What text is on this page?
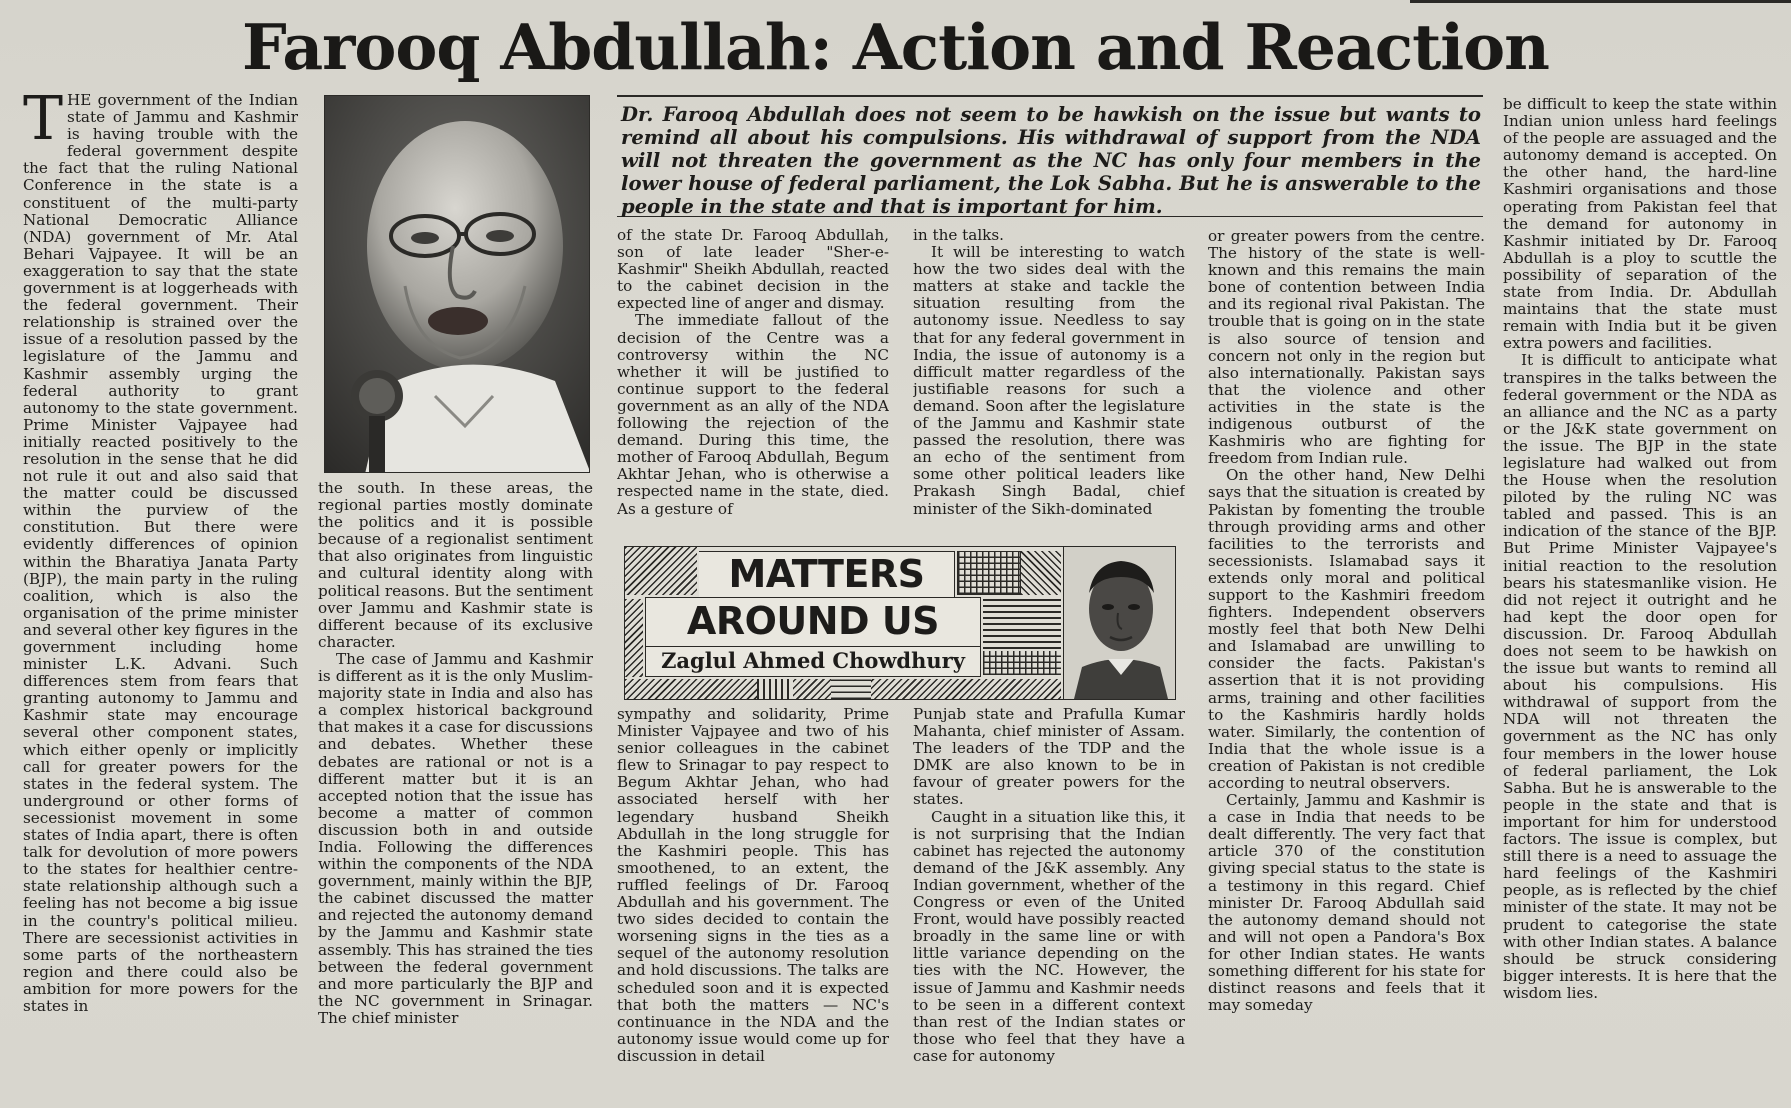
Farooq Abdullah: Action and Reaction

THE government of the Indian state of Jammu and Kashmir is having trouble with the federal government despite the fact that the ruling National Conference in the state is a constituent of the multi-party National Democratic Alliance (NDA) government of Mr. Atal Behari Vajpayee. It will be an exaggeration to say that the state government is at loggerheads with the federal government. Their relationship is strained over the issue of a resolution passed by the legislature of the Jammu and Kashmir assembly urging the federal authority to grant autonomy to the state government. Prime Minister Vajpayee had initially reacted positively to the resolution in the sense that he did not rule it out and also said that the matter could be discussed within the purview of the constitution. But there were evidently differences of opinion within the Bharatiya Janata Party (BJP), the main party in the ruling coalition, which is also the organisation of the prime minister and several other key figures in the government including home minister L.K. Advani. Such differences stem from fears that granting autonomy to Jammu and Kashmir state may encourage several other component states, which either openly or implicitly call for greater powers for the states in the federal system. The underground or other forms of secessionist movement in some states of India apart, there is often talk for devolution of more powers to the states for healthier centre-state relationship although such a feeling has not become a big issue in the country's political milieu. There are secessionist activities in some parts of the northeastern region and there could also be ambition for more powers for the states in

the south. In these areas, the regional parties mostly dominate the politics and it is possible because of a regionalist sentiment that also originates from linguistic and cultural identity along with political reasons. But the sentiment over Jammu and Kashmir state is different because of its exclusive character.

The case of Jammu and Kashmir is different as it is the only Muslim-majority state in India and also has a complex historical background that makes it a case for discussions and debates. Whether these debates are rational or not is a different matter but it is an accepted notion that the issue has become a matter of common discussion both in and outside India. Following the differences within the components of the NDA government, mainly within the BJP, the cabinet discussed the matter and rejected the autonomy demand by the Jammu and Kashmir state assembly. This has strained the ties between the federal government and more particularly the BJP and the NC government in Srinagar. The chief minister

Dr. Farooq Abdullah does not seem to be hawkish on the issue but wants to remind all about his compulsions. His withdrawal of support from the NDA will not threaten the government as the NC has only four members in the lower house of federal parliament, the Lok Sabha. But he is answerable to the people in the state and that is important for him.

of the state Dr. Farooq Abdullah, son of late leader "Sher-e-Kashmir" Sheikh Abdullah, reacted to the cabinet decision in the expected line of anger and dismay.

The immediate fallout of the decision of the Centre was a controversy within the NC whether it will be justified to continue support to the federal government as an ally of the NDA following the rejection of the demand. During this time, the mother of Farooq Abdullah, Begum Akhtar Jehan, who is otherwise a respected name in the state, died. As a gesture of

sympathy and solidarity, Prime Minister Vajpayee and two of his senior colleagues in the cabinet flew to Srinagar to pay respect to Begum Akhtar Jehan, who had associated herself with her legendary husband Sheikh Abdullah in the long struggle for the Kashmiri people. This has smoothened, to an extent, the ruffled feelings of Dr. Farooq Abdullah and his government. The two sides decided to contain the worsening signs in the ties as a sequel of the autonomy resolution and hold discussions. The talks are scheduled soon and it is expected that both the matters — NC's continuance in the NDA and the autonomy issue would come up for discussion in detail

in the talks.

It will be interesting to watch how the two sides deal with the matters at stake and tackle the situation resulting from the autonomy issue. Needless to say that for any federal government in India, the issue of autonomy is a difficult matter regardless of the justifiable reasons for such a demand. Soon after the legislature of the Jammu and Kashmir state passed the resolution, there was an echo of the sentiment from some other political leaders like Prakash Singh Badal, chief minister of the Sikh-dominated

Punjab state and Prafulla Kumar Mahanta, chief minister of Assam. The leaders of the TDP and the DMK are also known to be in favour of greater powers for the states.

Caught in a situation like this, it is not surprising that the Indian cabinet has rejected the autonomy demand of the J&K assembly. Any Indian government, whether of the Congress or even of the United Front, would have possibly reacted broadly in the same line or with little variance depending on the ties with the NC. However, the issue of Jammu and Kashmir needs to be seen in a different context than rest of the Indian states or those who feel that they have a case for autonomy

MATTERS
AROUND US
Zaglul Ahmed Chowdhury

or greater powers from the centre. The history of the state is well-known and this remains the main bone of contention between India and its regional rival Pakistan. The trouble that is going on in the state is also source of tension and concern not only in the region but also internationally. Pakistan says that the violence and other activities in the state is the indigenous outburst of the Kashmiris who are fighting for freedom from Indian rule.

On the other hand, New Delhi says that the situation is created by Pakistan by fomenting the trouble through providing arms and other facilities to the terrorists and secessionists. Islamabad says it extends only moral and political support to the Kashmiri freedom fighters. Independent observers mostly feel that both New Delhi and Islamabad are unwilling to consider the facts. Pakistan's assertion that it is not providing arms, training and other facilities to the Kashmiris hardly holds water. Similarly, the contention of India that the whole issue is a creation of Pakistan is not credible according to neutral observers.

Certainly, Jammu and Kashmir is a case in India that needs to be dealt differently. The very fact that article 370 of the constitution giving special status to the state is a testimony in this regard. Chief minister Dr. Farooq Abdullah said the autonomy demand should not and will not open a Pandora's Box for other Indian states. He wants something different for his state for distinct reasons and feels that it may someday

be difficult to keep the state within Indian union unless hard feelings of the people are assuaged and the autonomy demand is accepted. On the other hand, the hard-line Kashmiri organisations and those operating from Pakistan feel that the demand for autonomy in Kashmir initiated by Dr. Farooq Abdullah is a ploy to scuttle the possibility of separation of the state from India. Dr. Abdullah maintains that the state must remain with India but it be given extra powers and facilities.

It is difficult to anticipate what transpires in the talks between the federal government or the NDA as an alliance and the NC as a party or the J&K state government on the issue. The BJP in the state legislature had walked out from the House when the resolution piloted by the ruling NC was tabled and passed. This is an indication of the stance of the BJP. But Prime Minister Vajpayee's initial reaction to the resolution bears his statesmanlike vision. He did not reject it outright and he had kept the door open for discussion. Dr. Farooq Abdullah does not seem to be hawkish on the issue but wants to remind all about his compulsions. His withdrawal of support from the NDA will not threaten the government as the NC has only four members in the lower house of federal parliament, the Lok Sabha. But he is answerable to the people in the state and that is important for him for understood factors. The issue is complex, but still there is a need to assuage the hard feelings of the Kashmiri people, as is reflected by the chief minister of the state. It may not be prudent to categorise the state with other Indian states. A balance should be struck considering bigger interests. It is here that the wisdom lies.
